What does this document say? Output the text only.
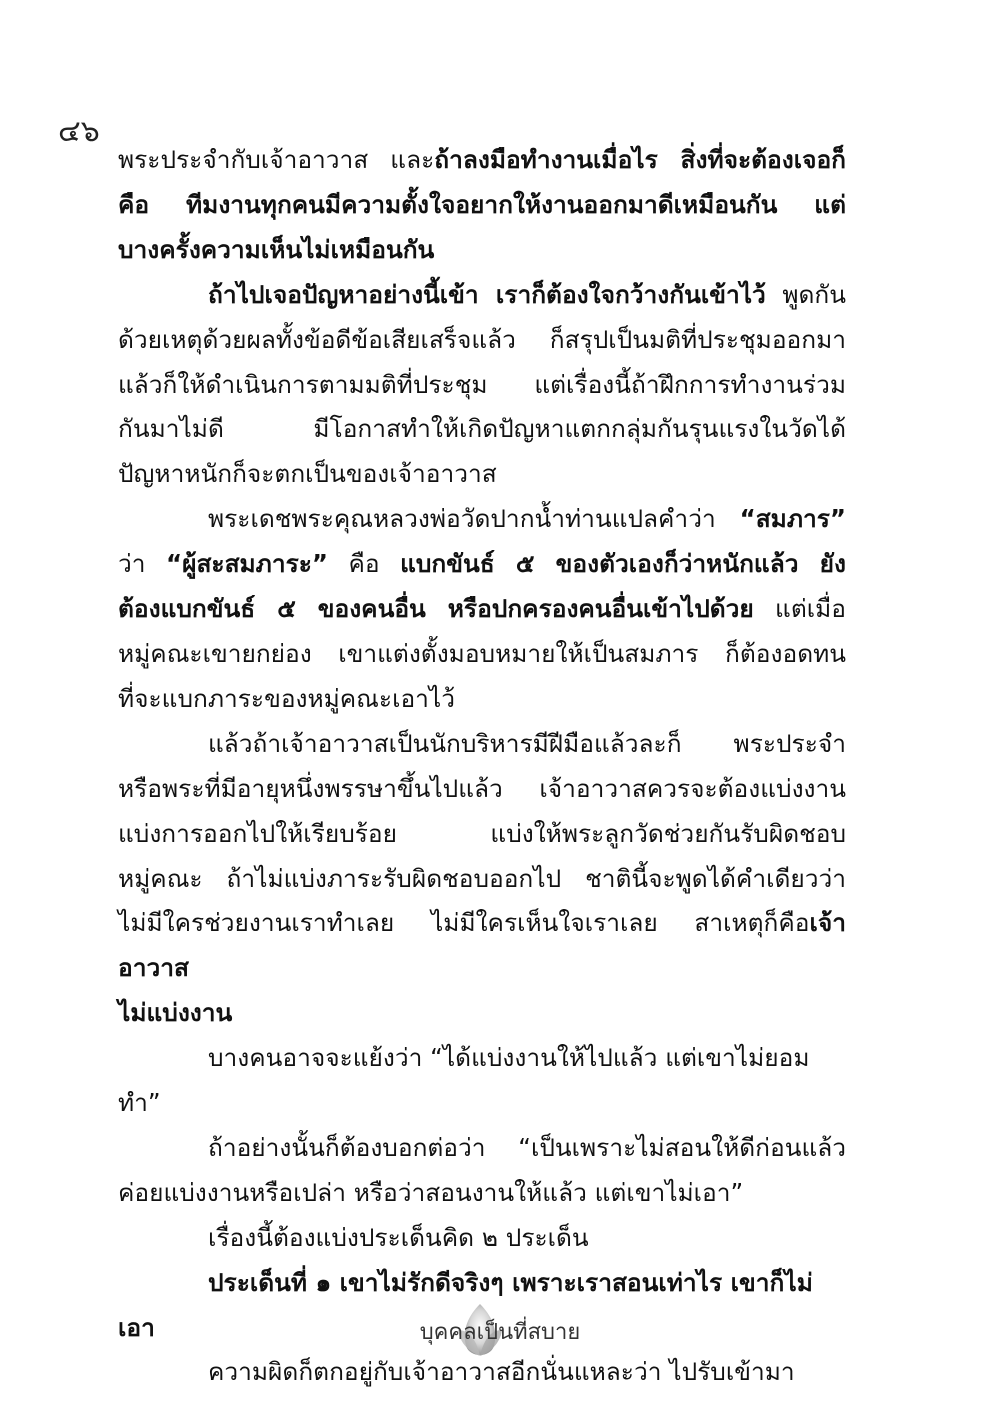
๔๖
พระประจำกับเจ้าอาวาส และถ้าลงมือทำงานเมื่อไร สิ่งที่จะต้องเจอก็
คือ ทีมงานทุกคนมีความตั้งใจอยากให้งานออกมาดีเหมือนกัน แต่
บางครั้งความเห็นไม่เหมือนกัน
ถ้าไปเจอปัญหาอย่างนี้เข้า เราก็ต้องใจกว้างกันเข้าไว้ พูดกัน
ด้วยเหตุด้วยผลทั้งข้อดีข้อเสียเสร็จแล้ว ก็สรุปเป็นมติที่ประชุมออกมา
แล้วก็ให้ดำเนินการตามมติที่ประชุม แต่เรื่องนี้ถ้าฝึกการทำงานร่วม
กันมาไม่ดี มีโอกาสทำให้เกิดปัญหาแตกกลุ่มกันรุนแรงในวัดได้
ปัญหาหนักก็จะตกเป็นของเจ้าอาวาส
พระเดชพระคุณหลวงพ่อวัดปากน้ำท่านแปลคำว่า “สมภาร”
ว่า “ผู้สะสมภาระ” คือ แบกขันธ์ ๕ ของตัวเองก็ว่าหนักแล้ว ยัง
ต้องแบกขันธ์ ๕ ของคนอื่น หรือปกครองคนอื่นเข้าไปด้วย แต่เมื่อ
หมู่คณะเขายกย่อง เขาแต่งตั้งมอบหมายให้เป็นสมภาร ก็ต้องอดทน
ที่จะแบกภาระของหมู่คณะเอาไว้
แล้วถ้าเจ้าอาวาสเป็นนักบริหารมีฝีมือแล้วละก็ พระประจำ
หรือพระที่มีอายุหนึ่งพรรษาขึ้นไปแล้ว เจ้าอาวาสควรจะต้องแบ่งงาน
แบ่งการออกไปให้เรียบร้อย แบ่งให้พระลูกวัดช่วยกันรับผิดชอบ
หมู่คณะ ถ้าไม่แบ่งภาระรับผิดชอบออกไป ชาตินี้จะพูดได้คำเดียวว่า
ไม่มีใครช่วยงานเราทำเลย ไม่มีใครเห็นใจเราเลย สาเหตุก็คือเจ้าอาวาส
ไม่แบ่งงาน
บางคนอาจจะแย้งว่า “ได้แบ่งงานให้ไปแล้ว แต่เขาไม่ยอมทำ”
ถ้าอย่างนั้นก็ต้องบอกต่อว่า “เป็นเพราะไม่สอนให้ดีก่อนแล้ว
ค่อยแบ่งงานหรือเปล่า หรือว่าสอนงานให้แล้ว แต่เขาไม่เอา”
เรื่องนี้ต้องแบ่งประเด็นคิด ๒ ประเด็น
ประเด็นที่ ๑ เขาไม่รักดีจริงๆ เพราะเราสอนเท่าไร เขาก็ไม่เอา
ความผิดก็ตกอยู่กับเจ้าอาวาสอีกนั่นแหละว่า ไปรับเข้ามา
บุคคลเป็นที่สบาย
